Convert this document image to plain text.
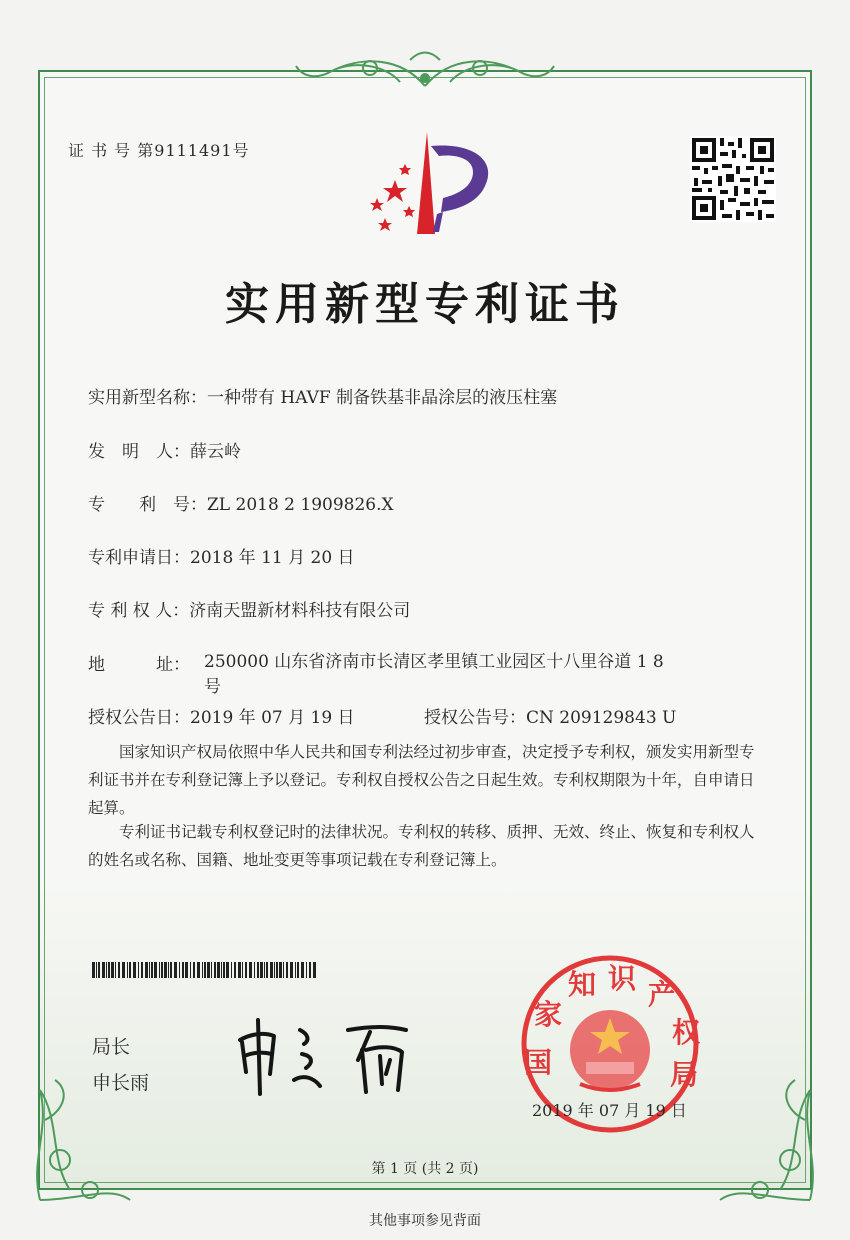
证 书 号 第9111491号
实用新型专利证书
实用新型名称：一种带有 HAVF 制备铁基非晶涂层的液压柱塞
发　明　人：薛云岭
专　　利　号：ZL 2018 2 1909826.X
专利申请日：2018 年 11 月 20 日
专 利 权 人：济南天盟新材料科技有限公司
地　　　址： 250000 山东省济南市长清区孝里镇工业园区十八里谷道 1 8 号
授权公告日：2019 年 07 月 19 日	授权公告号：CN 209129843 U
国家知识产权局依照中华人民共和国专利法经过初步审查，决定授予专利权，颁发实用新型专利证书并在专利登记簿上予以登记。专利权自授权公告之日起生效。专利权期限为十年，自申请日起算。
专利证书记载专利权登记时的法律状况。专利权的转移、质押、无效、终止、恢复和专利权人的姓名或名称、国籍、地址变更等事项记载在专利登记簿上。
局长
申长雨
国
家
知 识 产
权
局
2019 年 07 月 19 日
第 1 页 (共 2 页)
其他事项参见背面
